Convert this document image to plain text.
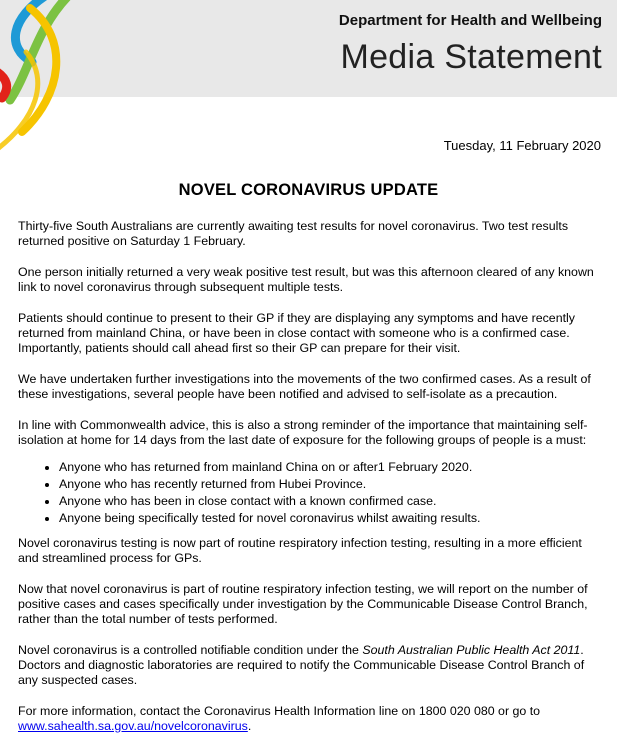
Department for Health and Wellbeing
Media Statement
Tuesday, 11 February 2020
NOVEL CORONAVIRUS UPDATE

Thirty-five South Australians are currently awaiting test results for novel coronavirus. Two test results returned positive on Saturday 1 February.

One person initially returned a very weak positive test result, but was this afternoon cleared of any known link to novel coronavirus through subsequent multiple tests.

Patients should continue to present to their GP if they are displaying any symptoms and have recently returned from mainland China, or have been in close contact with someone who is a confirmed case. Importantly, patients should call ahead first so their GP can prepare for their visit.

We have undertaken further investigations into the movements of the two confirmed cases. As a result of these investigations, several people have been notified and advised to self-isolate as a precaution.

In line with Commonwealth advice, this is also a strong reminder of the importance that maintaining self-isolation at home for 14 days from the last date of exposure for the following groups of people is a must:

• Anyone who has returned from mainland China on or after1 February 2020.
• Anyone who has recently returned from Hubei Province.
• Anyone who has been in close contact with a known confirmed case.
• Anyone being specifically tested for novel coronavirus whilst awaiting results.

Novel coronavirus testing is now part of routine respiratory infection testing, resulting in a more efficient and streamlined process for GPs.

Now that novel coronavirus is part of routine respiratory infection testing, we will report on the number of positive cases and cases specifically under investigation by the Communicable Disease Control Branch, rather than the total number of tests performed.

Novel coronavirus is a controlled notifiable condition under the South Australian Public Health Act 2011. Doctors and diagnostic laboratories are required to notify the Communicable Disease Control Branch of any suspected cases.

For more information, contact the Coronavirus Health Information line on 1800 020 080 or go to www.sahealth.sa.gov.au/novelcoronavirus.
